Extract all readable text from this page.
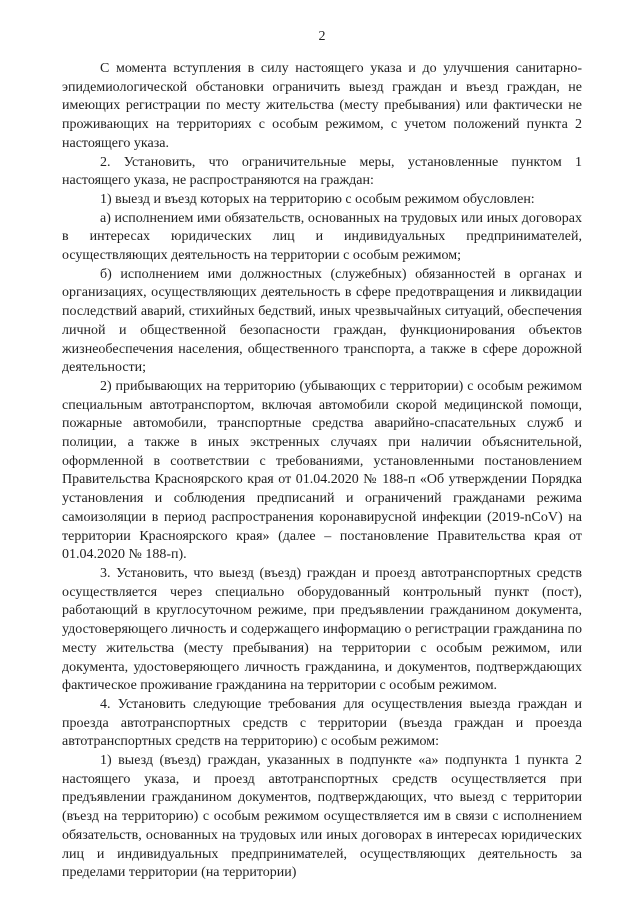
2

С момента вступления в силу настоящего указа и до улучшения санитарно-эпидемиологической обстановки ограничить выезд граждан и въезд граждан, не имеющих регистрации по месту жительства (месту пребывания) или фактически не проживающих на территориях с особым режимом, с учетом положений пункта 2 настоящего указа.

2. Установить, что ограничительные меры, установленные пунктом 1 настоящего указа, не распространяются на граждан:

1) выезд и въезд которых на территорию с особым режимом обусловлен:

а) исполнением ими обязательств, основанных на трудовых или иных договорах в интересах юридических лиц и индивидуальных предпринимателей, осуществляющих деятельность на территории с особым режимом;

б) исполнением ими должностных (служебных) обязанностей в органах и организациях, осуществляющих деятельность в сфере предотвращения и ликвидации последствий аварий, стихийных бедствий, иных чрезвычайных ситуаций, обеспечения личной и общественной безопасности граждан, функционирования объектов жизнеобеспечения населения, общественного транспорта, а также в сфере дорожной деятельности;

2) прибывающих на территорию (убывающих с территории) с особым режимом специальным автотранспортом, включая автомобили скорой медицинской помощи, пожарные автомобили, транспортные средства аварийно-спасательных служб и полиции, а также в иных экстренных случаях при наличии объяснительной, оформленной в соответствии с требованиями, установленными постановлением Правительства Красноярского края от 01.04.2020 № 188-п «Об утверждении Порядка установления и соблюдения предписаний и ограничений гражданами режима самоизоляции в период распространения коронавирусной инфекции (2019-nCoV) на территории Красноярского края» (далее – постановление Правительства края от 01.04.2020 № 188-п).

3. Установить, что выезд (въезд) граждан и проезд автотранспортных средств осуществляется через специально оборудованный контрольный пункт (пост), работающий в круглосуточном режиме, при предъявлении гражданином документа, удостоверяющего личность и содержащего информацию о регистрации гражданина по месту жительства (месту пребывания) на территории с особым режимом, или документа, удостоверяющего личность гражданина, и документов, подтверждающих фактическое проживание гражданина на территории с особым режимом.

4. Установить следующие требования для осуществления выезда граждан и проезда автотранспортных средств с территории (въезда граждан и проезда автотранспортных средств на территорию) с особым режимом:

1) выезд (въезд) граждан, указанных в подпункте «а» подпункта 1 пункта 2 настоящего указа, и проезд автотранспортных средств осуществляется при предъявлении гражданином документов, подтверждающих, что выезд с территории (въезд на территорию) с особым режимом осуществляется им в связи с исполнением обязательств, основанных на трудовых или иных договорах в интересах юридических лиц и индивидуальных предпринимателей, осуществляющих деятельность за пределами территории (на территории)
